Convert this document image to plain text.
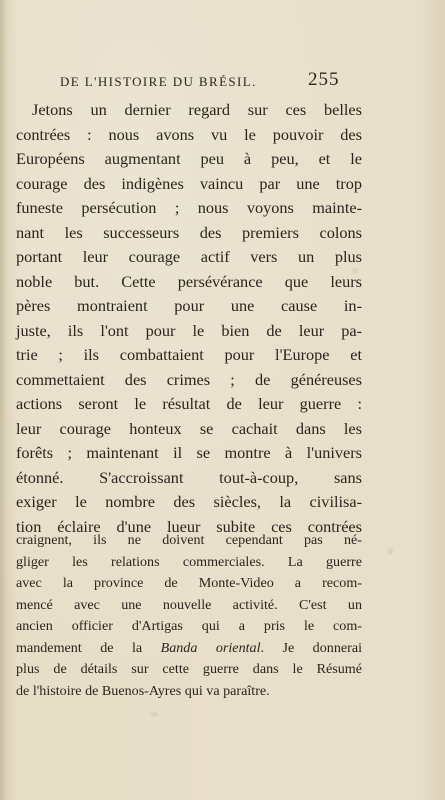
DE L'HISTOIRE DU BRÉSIL.	255
Jetons un dernier regard sur ces belles
contrées : nous avons vu le pouvoir des
Européens augmentant peu à peu, et le
courage des indigènes vaincu par une trop
funeste persécution ; nous voyons mainte-
nant les successeurs des premiers colons
portant leur courage actif vers un plus
noble but. Cette persévérance que leurs
pères montraient pour une cause in-
juste, ils l'ont pour le bien de leur pa-
trie ; ils combattaient pour l'Europe et
commettaient des crimes ; de généreuses
actions seront le résultat de leur guerre :
leur courage honteux se cachait dans les
forêts ; maintenant il se montre à l'univers
étonné. S'accroissant tout-à-coup, sans
exiger le nombre des siècles, la civilisa-
tion éclaire d'une lueur subite ces contrées
craignent, ils ne doivent cependant pas né-
gliger les relations commerciales. La guerre
avec la province de Monte-Video a recom-
mencé avec une nouvelle activité. C'est un
ancien officier d'Artigas qui a pris le com-
mandement de la Banda oriental. Je donnerai
plus de détails sur cette guerre dans le Résumé
de l'histoire de Buenos-Ayres qui va paraître.
